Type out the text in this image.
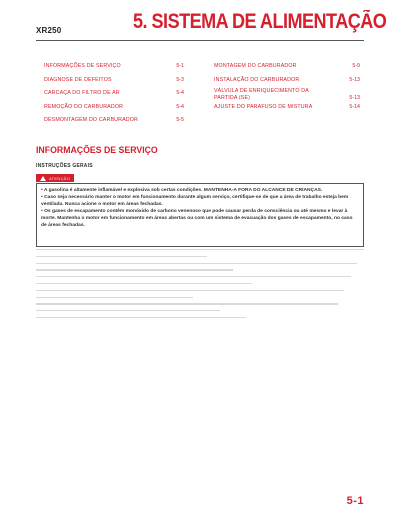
XR250	5. SISTEMA DE ALIMENTAÇÃO
INFORMAÇÕES DE SERVIÇO	5-1
DIAGNOSE DE DEFEITOS	5-3
CARCAÇA DO FILTRO DE AR	5-4
REMOÇÃO DO CARBURADOR	5-4
DESMONTAGEM DO CARBURADOR	5-5
MONTAGEM DO CARBURADOR	5-9
INSTALAÇÃO DO CARBURADOR	5-13
VÁLVULA DE ENRIQUECIMENTO DA PARTIDA (SE)	5-13
AJUSTE DO PARAFUSO DE MISTURA	5-14
INFORMAÇÕES DE SERVIÇO
INSTRUÇÕES GERAIS
ATENÇÃO

• A gasolina é altamente inflamável e explosiva sob certas condições. MANTENHA-A FORA DO ALCANCE DE CRIANÇAS.

• Caso seja necessário manter o motor em funcionamento durante algum serviço, certifique-se de que a área de trabalho esteja bem ventilada. Nunca acione o motor em áreas fechadas.

• Os gases de escapamento contêm monóxido de carbono venenoso que pode causar perda de consciência ou até mesmo e levar à morte. Mantenha o motor em funcionamento em áreas abertas ou com um sistema de evacuação dos gases de escapamento, no caso de áreas fechadas.

5-1
